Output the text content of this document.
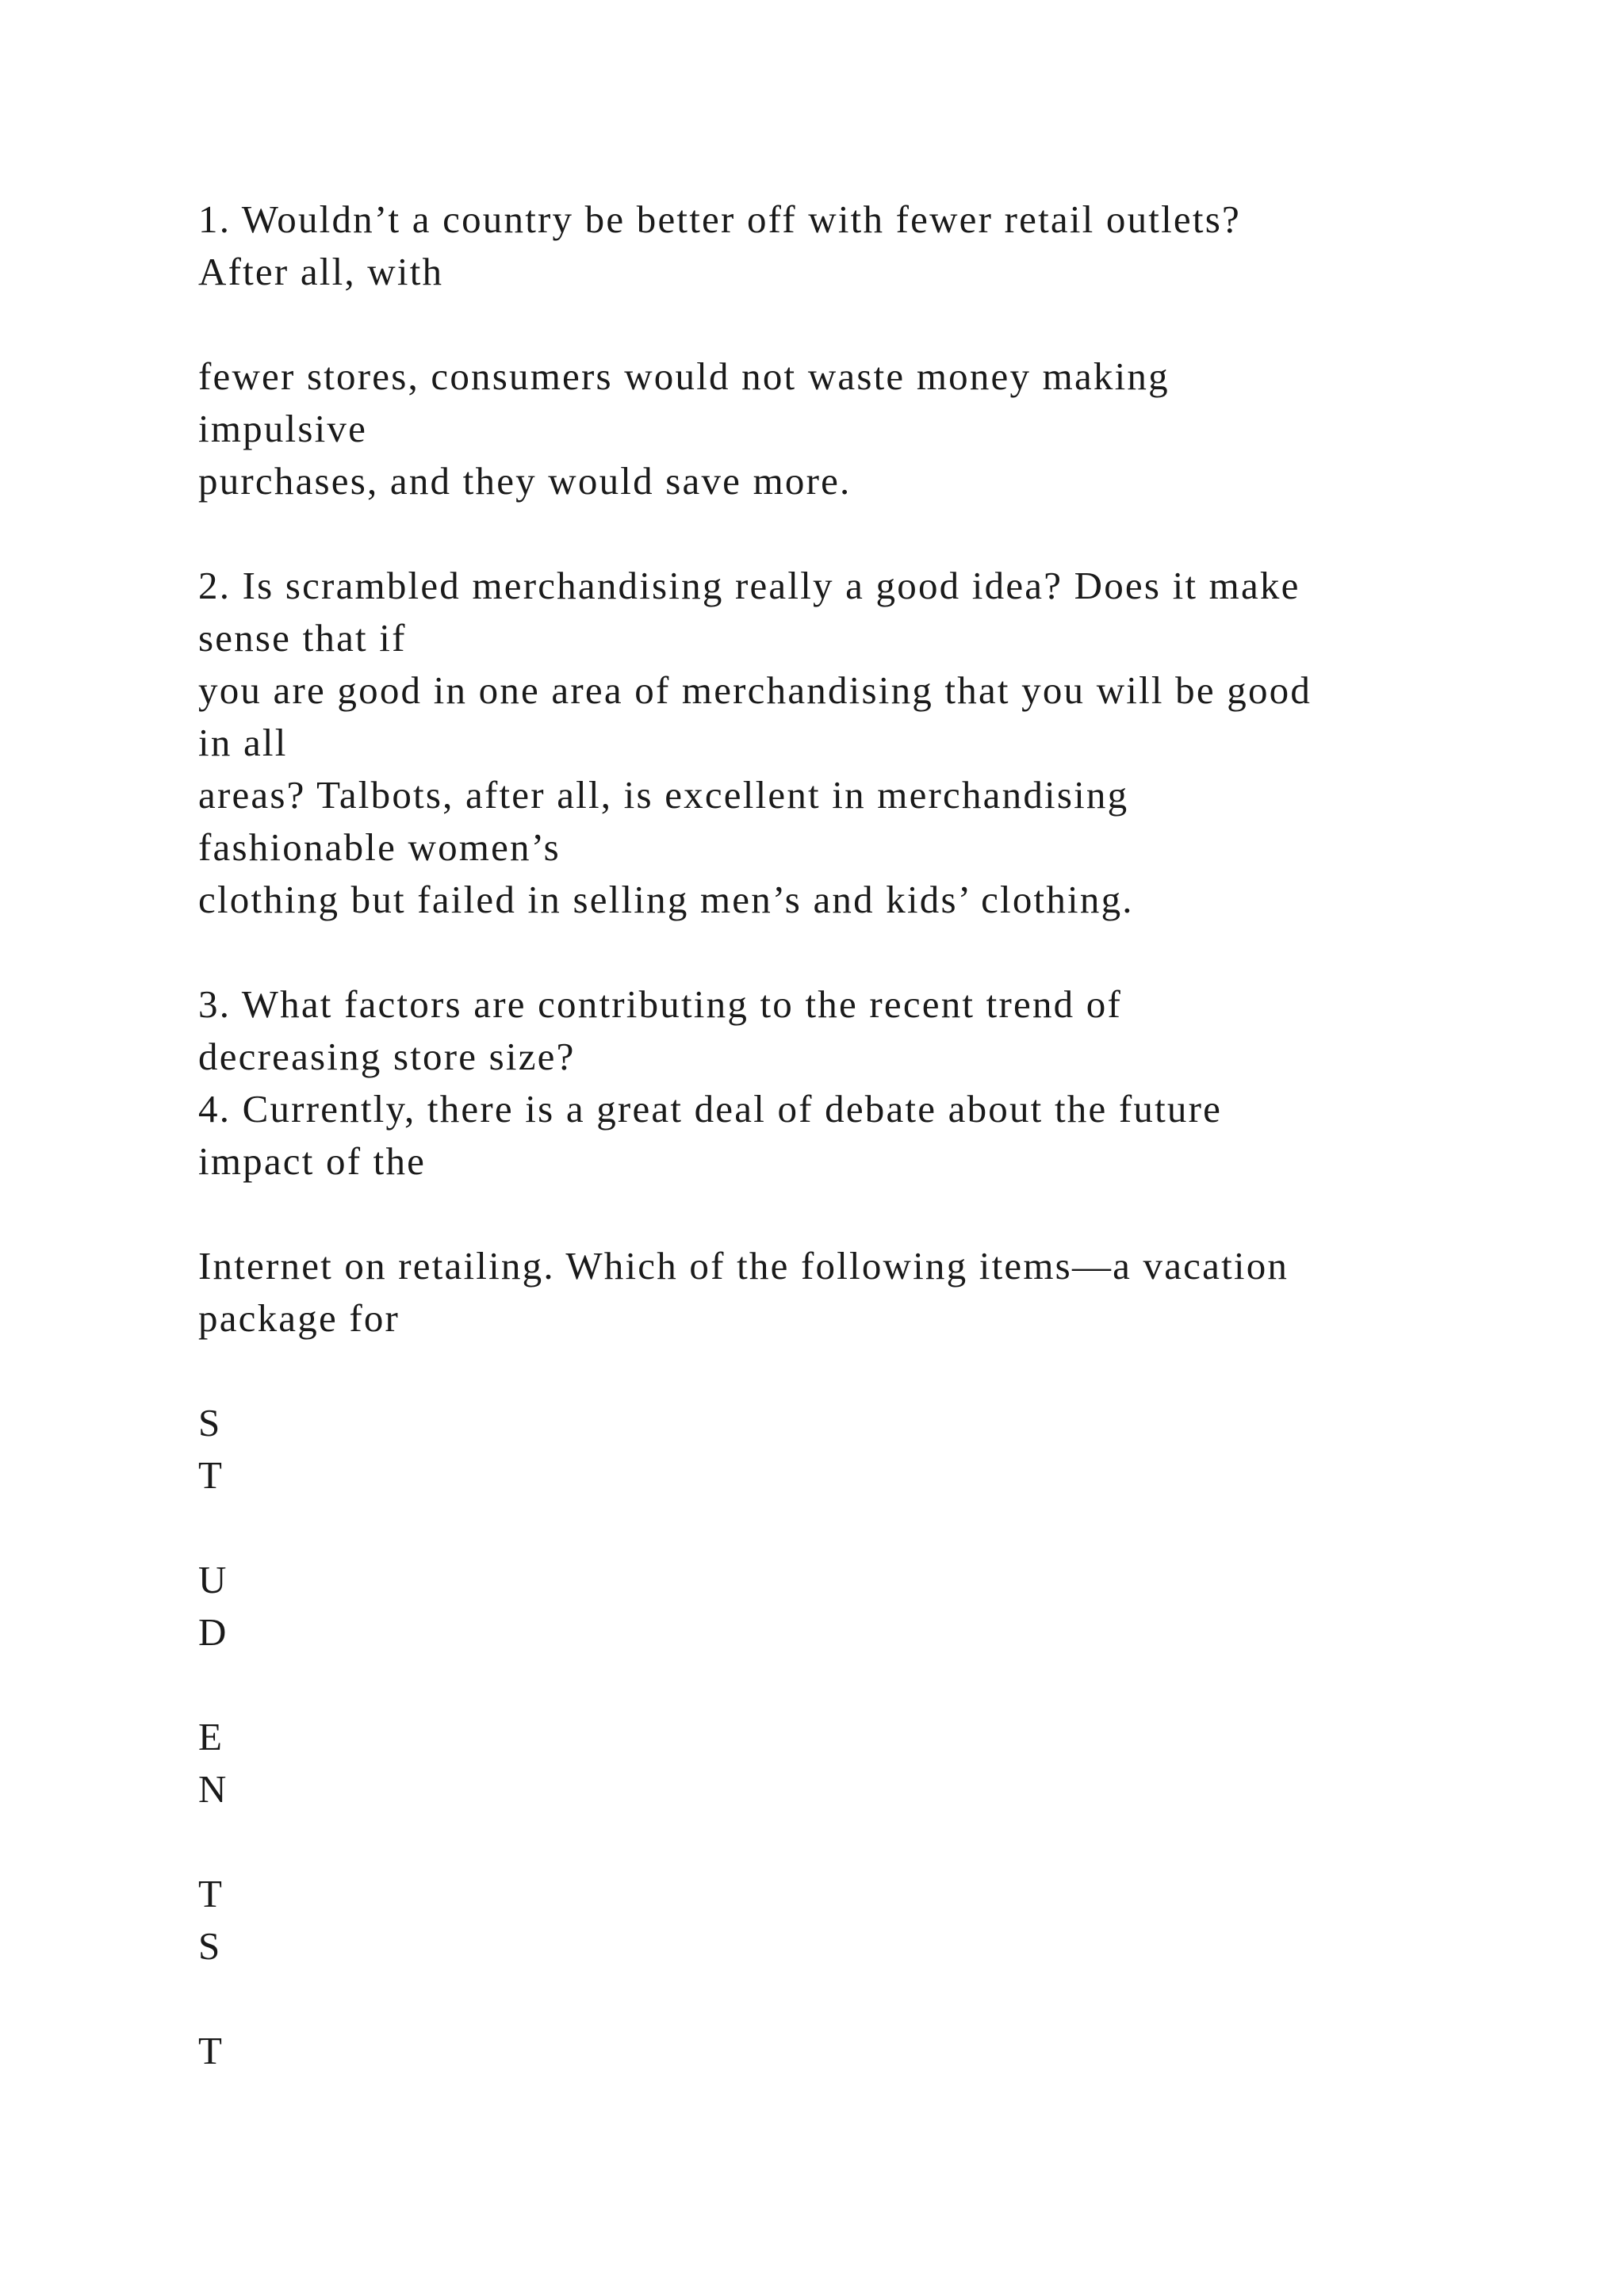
1. Wouldn’t a country be better off with fewer retail outlets?
After all, with
fewer stores, consumers would not waste money making
impulsive
purchases, and they would save more.
2. Is scrambled merchandising really a good idea? Does it make
sense that if
you are good in one area of merchandising that you will be good
in all
areas? Talbots, after all, is excellent in merchandising
fashionable women’s
clothing but failed in selling men’s and kids’ clothing.
3. What factors are contributing to the recent trend of
decreasing store size?
4. Currently, there is a great deal of debate about the future
impact of the
Internet on retailing. Which of the following items—a vacation
package for
S
T
U
D
E
N
T
S
T
